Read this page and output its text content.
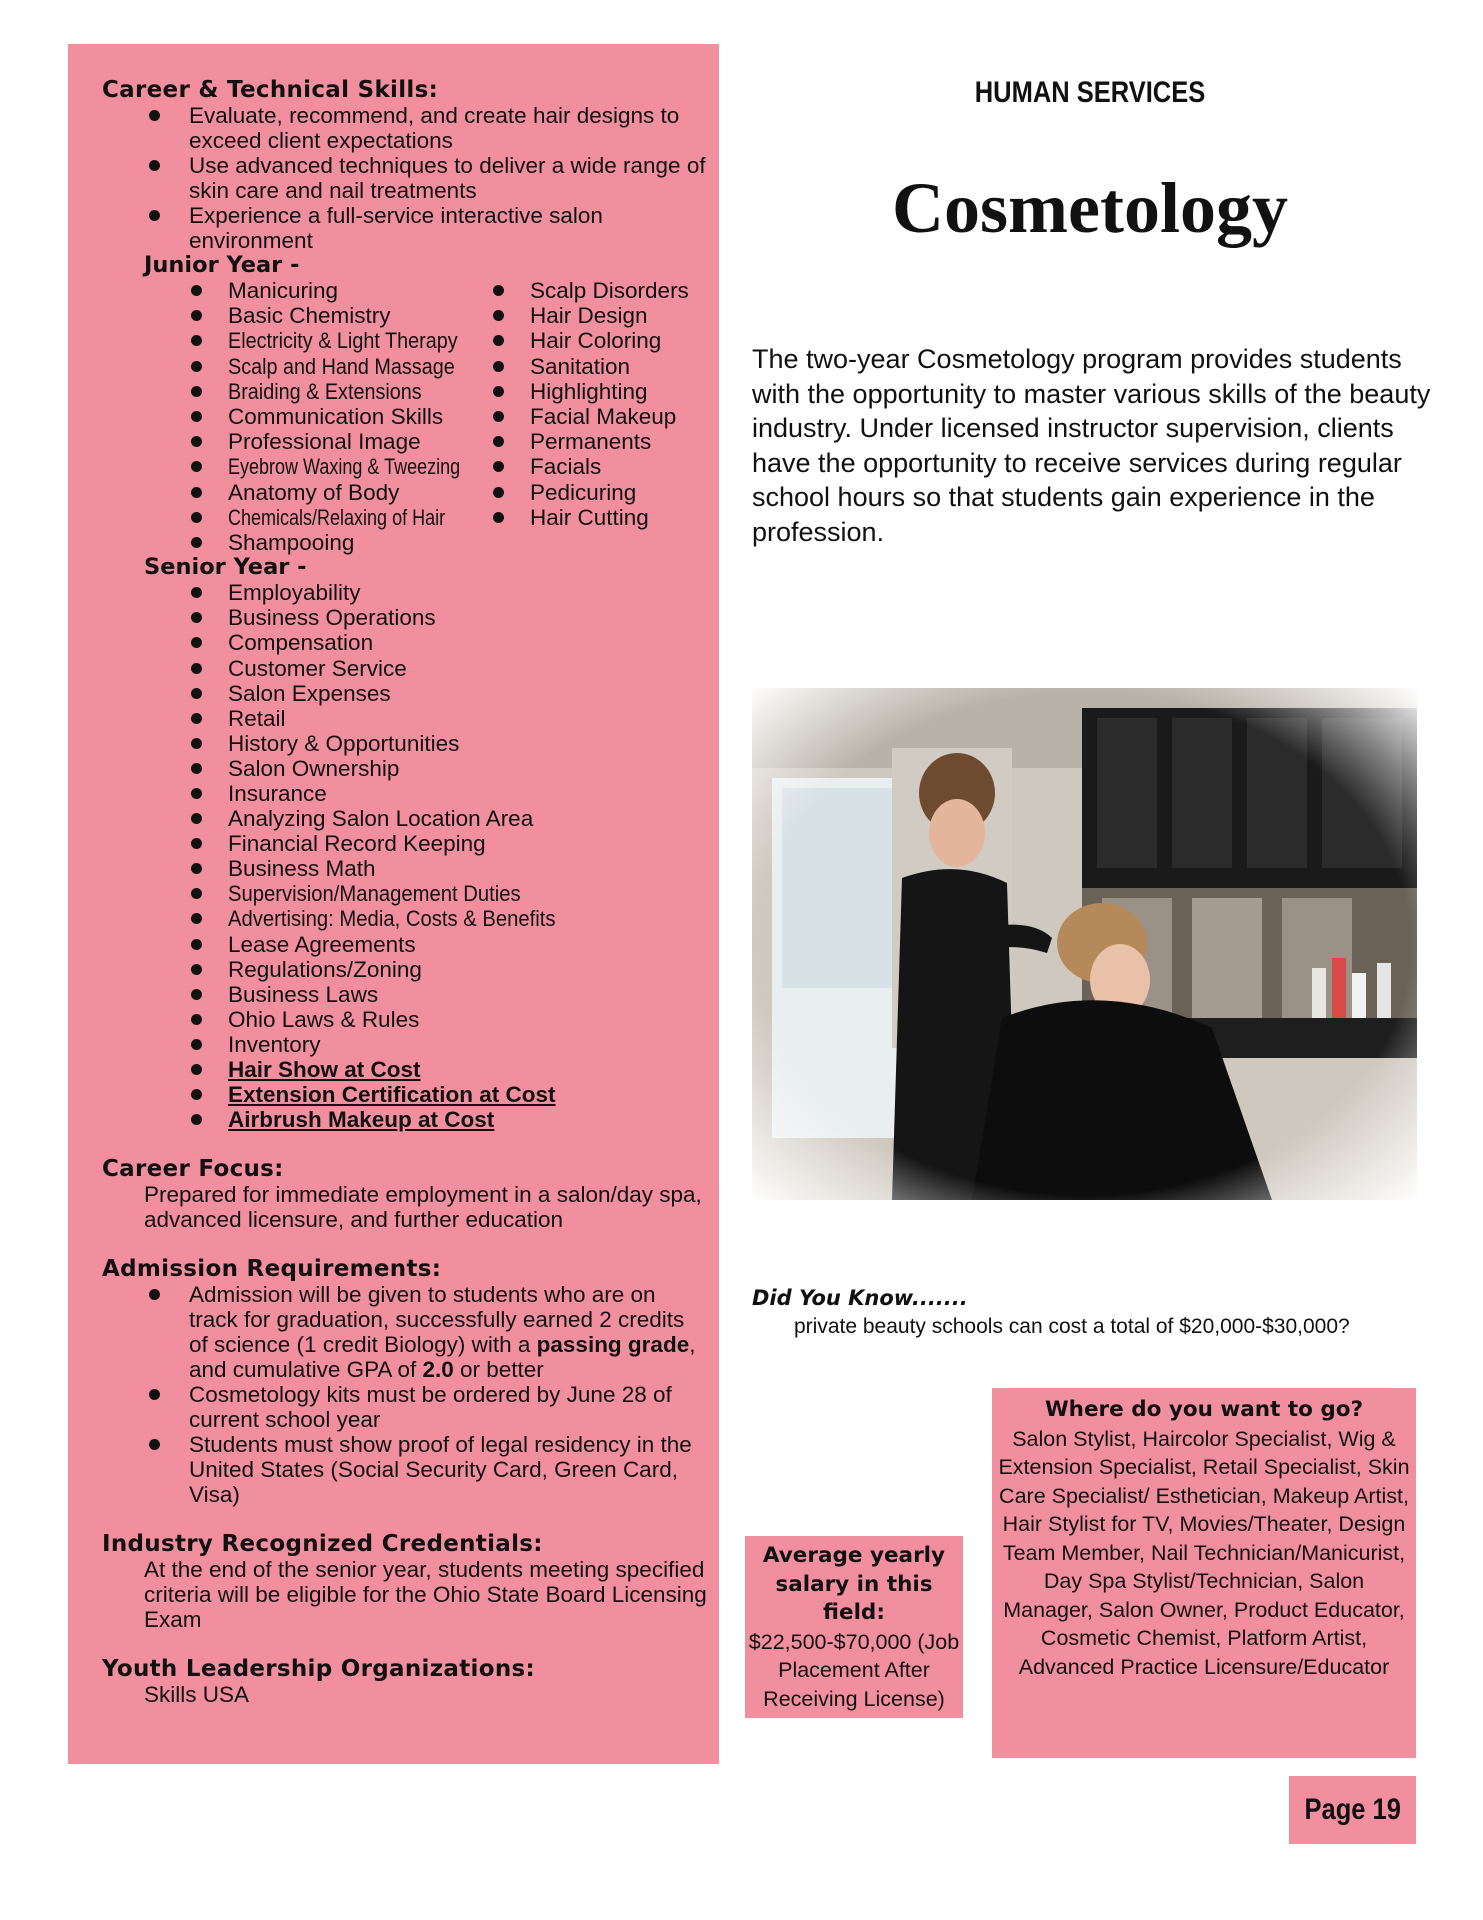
Career & Technical Skills:
Evaluate, recommend, and create hair designs to exceed client expectations
Use advanced techniques to deliver a wide range of skin care and nail treatments
Experience a full-service interactive salon environment
Junior Year -
Manicuring
Basic Chemistry
Electricity & Light Therapy
Scalp and Hand Massage
Braiding & Extensions
Communication Skills
Professional Image
Eyebrow Waxing & Tweezing
Anatomy of Body
Chemicals/Relaxing of Hair
Shampooing
Scalp Disorders
Hair Design
Hair Coloring
Sanitation
Highlighting
Facial Makeup
Permanents
Facials
Pedicuring
Hair Cutting
Senior Year -
Employability
Business Operations
Compensation
Customer Service
Salon Expenses
Retail
History & Opportunities
Salon Ownership
Insurance
Analyzing Salon Location Area
Financial Record Keeping
Business Math
Supervision/Management Duties
Advertising: Media, Costs & Benefits
Lease Agreements
Regulations/Zoning
Business Laws
Ohio Laws & Rules
Inventory
Hair Show at Cost
Extension Certification at Cost
Airbrush Makeup at Cost
Career Focus:

Prepared for immediate employment in a salon/day spa, advanced licensure, and further education

Admission Requirements:
Admission will be given to students who are on track for graduation, successfully earned 2 credits of science (1 credit Biology) with a passing grade, and cumulative GPA of 2.0 or better
Cosmetology kits must be ordered by June 28 of current school year
Students must show proof of legal residency in the United States (Social Security Card, Green Card, Visa)
Industry Recognized Credentials:

At the end of the senior year, students meeting specified criteria will be eligible for the Ohio State Board Licensing Exam

Youth Leadership Organizations:

Skills USA

HUMAN SERVICES
Cosmetology

The two-year Cosmetology program provides students with the opportunity to master various skills of the beauty industry. Under licensed instructor supervision, clients have the opportunity to receive services during regular school hours so that students gain experience in the profession.

Did You Know.......

private beauty schools can cost a total of $20,000-$30,000?

Average yearly salary in this field:
$22,500-$70,000 (Job Placement After Receiving License)
Where do you want to go?
Salon Stylist, Haircolor Specialist, Wig & Extension Specialist, Retail Specialist, Skin Care Specialist/ Esthetician, Makeup Artist, Hair Stylist for TV, Movies/Theater, Design Team Member, Nail Technician/Manicurist, Day Spa Stylist/Technician, Salon Manager, Salon Owner, Product Educator, Cosmetic Chemist, Platform Artist, Advanced Practice Licensure/Educator
Page 19
